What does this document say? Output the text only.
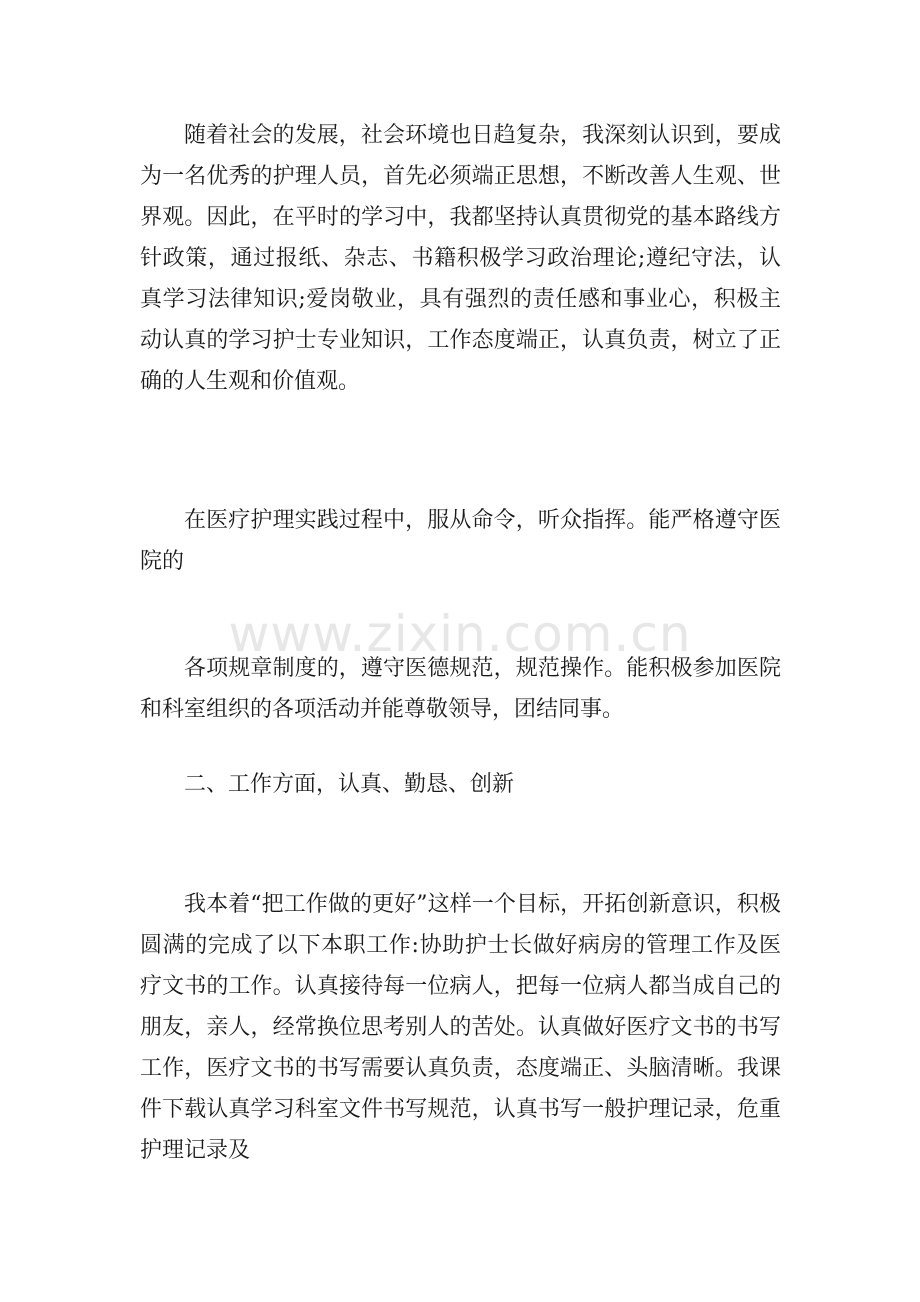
随着社会的发展，社会环境也日趋复杂，我深刻认识到，要成为一名优秀的护理人员，首先必须端正思想，不断改善人生观、世界观。因此，在平时的学习中，我都坚持认真贯彻党的基本路线方针政策，通过报纸、杂志、书籍积极学习政治理论;遵纪守法，认真学习法律知识;爱岗敬业，具有强烈的责任感和事业心，积极主动认真的学习护士专业知识，工作态度端正，认真负责，树立了正确的人生观和价值观。

在医疗护理实践过程中，服从命令，听众指挥。能严格遵守医院的

www.zixin.com.cn

各项规章制度的，遵守医德规范，规范操作。能积极参加医院和科室组织的各项活动并能尊敬领导，团结同事。

二、工作方面，认真、勤恳、创新

我本着“把工作做的更好”这样一个目标，开拓创新意识，积极圆满的完成了以下本职工作:协助护士长做好病房的管理工作及医疗文书的工作。认真接待每一位病人，把每一位病人都当成自己的朋友，亲人，经常换位思考别人的苦处。认真做好医疗文书的书写工作，医疗文书的书写需要认真负责，态度端正、头脑清晰。我课件下载认真学习科室文件书写规范，认真书写一般护理记录，危重护理记录及
